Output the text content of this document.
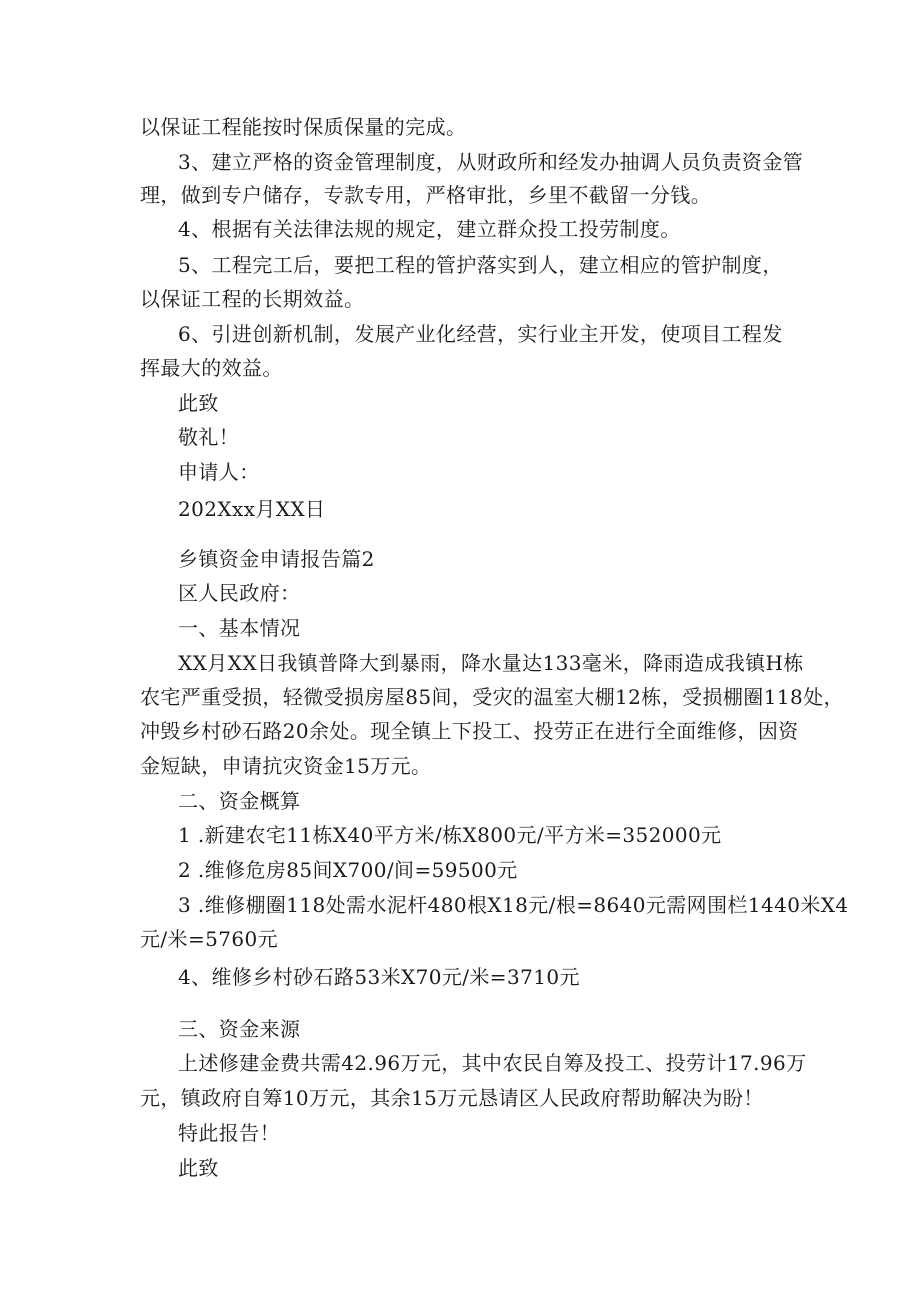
以保证工程能按时保质保量的完成。
3、建立严格的资金管理制度，从财政所和经发办抽调人员负责资金管
理，做到专户储存，专款专用，严格审批，乡里不截留一分钱。
4、根据有关法律法规的规定，建立群众投工投劳制度。
5、工程完工后，要把工程的管护落实到人，建立相应的管护制度，
以保证工程的长期效益。
6、引进创新机制，发展产业化经营，实行业主开发，使项目工程发
挥最大的效益。
此致
敬礼！
申请人：
202Xxx月XX日
乡镇资金申请报告篇2
区人民政府：
一、基本情况
XX月XX日我镇普降大到暴雨，降水量达133毫米，降雨造成我镇H栋
农宅严重受损，轻微受损房屋85间，受灾的温室大棚12栋，受损棚圈118处，
冲毁乡村砂石路20余处。现全镇上下投工、投劳正在进行全面维修，因资
金短缺，申请抗灾资金15万元。
二、资金概算
1 .新建农宅11栋X40平方米/栋X800元/平方米=352000元
2 .维修危房85间X700/间=59500元
3 .维修棚圈118处需水泥杆480根X18元/根=8640元需网围栏1440米X4
元/米=5760元
4、维修乡村砂石路53米X70元/米=3710元
三、资金来源
上述修建金费共需42.96万元，其中农民自筹及投工、投劳计17.96万
元，镇政府自筹10万元，其余15万元恳请区人民政府帮助解决为盼！
特此报告！
此致
